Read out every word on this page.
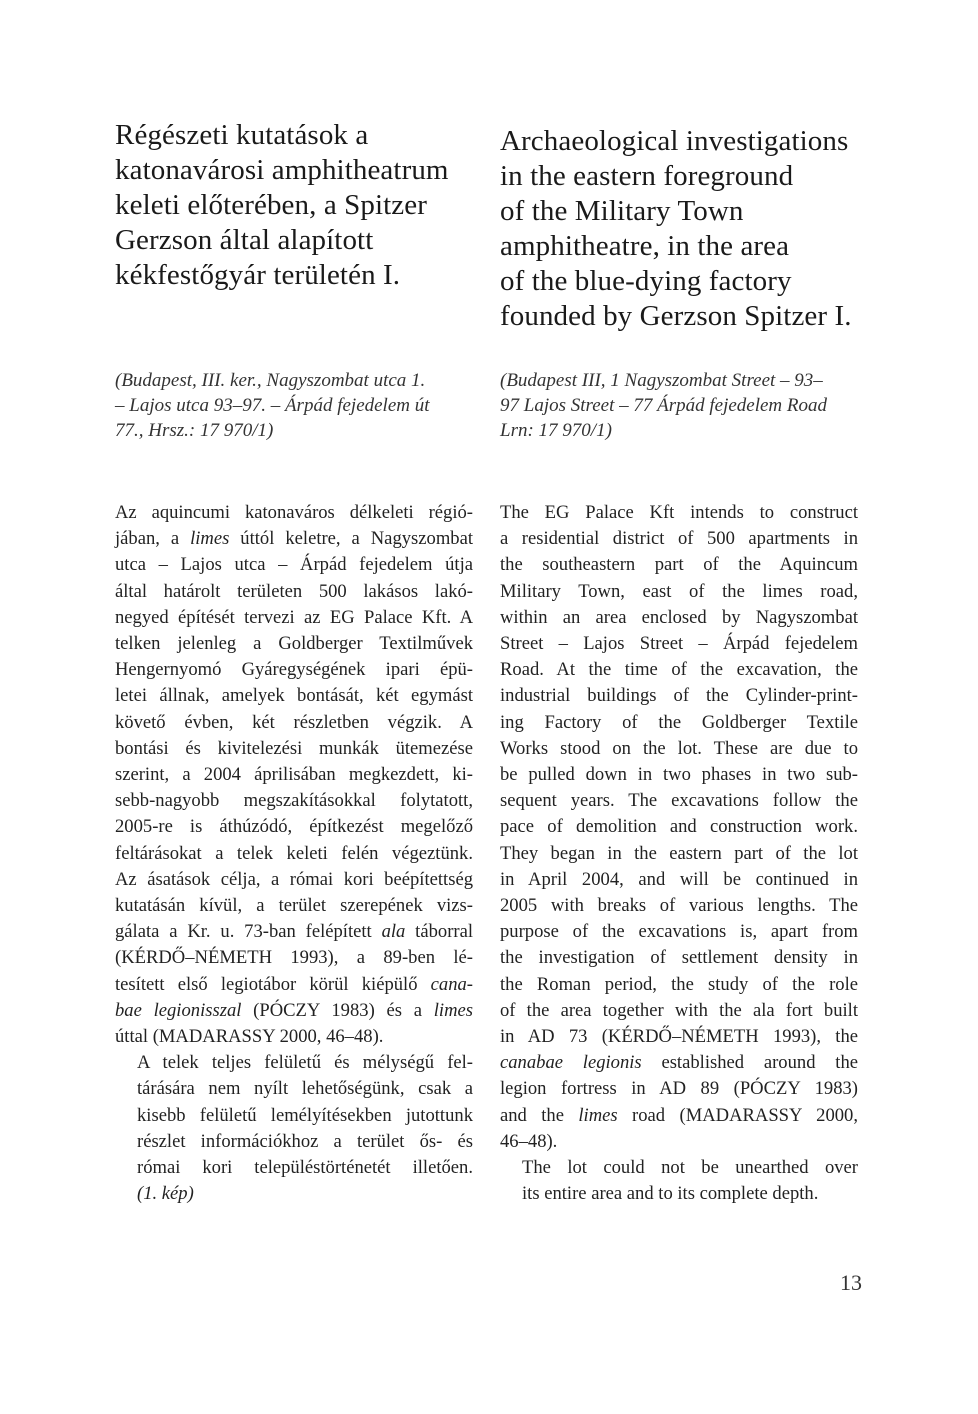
Régészeti kutatások a
katonavárosi amphitheatrum
keleti előterében, a Spitzer
Gerzson által alapított
kékfestőgyár területén I.

(Budapest, III. ker., Nagyszombat utca 1.
– Lajos utca 93–97. – Árpád fejedelem út
77., Hrsz.: 17 970/1)

Az aquincumi katonaváros délkeleti régió-
jában, a limes úttól keletre, a Nagyszombat
utca – Lajos utca – Árpád fejedelem útja
által határolt területen 500 lakásos lakó-
negyed építését tervezi az EG Palace Kft. A
telken jelenleg a Goldberger Textilművek
Hengernyomó Gyáregységének ipari épü-
letei állnak, amelyek bontását, két egymást
követő évben, két részletben végzik. A
bontási és kivitelezési munkák ütemezése
szerint, a 2004 áprilisában megkezdett, ki-
sebb-nagyobb megszakításokkal folytatott,
2005-re is áthúzódó, építkezést megelőző
feltárásokat a telek keleti felén végeztünk.
Az ásatások célja, a római kori beépítettség
kutatásán kívül, a terület szerepének vizs-
gálata a Kr. u. 73-ban felépített ala táborral
(KÉRDŐ–NÉMETH 1993), a 89-ben lé-
tesített első legiotábor körül kiépülő cana-
bae legionisszal (PÓCZY 1983) és a limes
úttal (MADARASSY 2000, 46–48).
A telek teljes felületű és mélységű fel-
tárására nem nyílt lehetőségünk, csak a
kisebb felületű lemélyítésekben jutottunk
részlet információkhoz a terület ős- és
római kori településtörténetét illetően.
(1. kép)
Archaeological investigations
in the eastern foreground
of the Military Town
amphitheatre, in the area
of the blue-dying factory
founded by Gerzson Spitzer I.

(Budapest III, 1 Nagyszombat Street – 93–
97 Lajos Street – 77 Árpád fejedelem Road
Lrn: 17 970/1)

The EG Palace Kft intends to construct
a residential district of 500 apartments in
the southeastern part of the Aquincum
Military Town, east of the limes road,
within an area enclosed by Nagyszombat
Street – Lajos Street – Árpád fejedelem
Road. At the time of the excavation, the
industrial buildings of the Cylinder-print-
ing Factory of the Goldberger Textile
Works stood on the lot. These are due to
be pulled down in two phases in two sub-
sequent years. The excavations follow the
pace of demolition and construction work.
They began in the eastern part of the lot
in April 2004, and will be continued in
2005 with breaks of various lengths. The
purpose of the excavations is, apart from
the investigation of settlement density in
the Roman period, the study of the role
of the area together with the ala fort built
in AD 73 (KÉRDŐ–NÉMETH 1993), the
canabae legionis established around the
legion fortress in AD 89 (PÓCZY 1983)
and the limes road (MADARASSY 2000,
46–48).
The lot could not be unearthed over
its entire area and to its complete depth.
13
